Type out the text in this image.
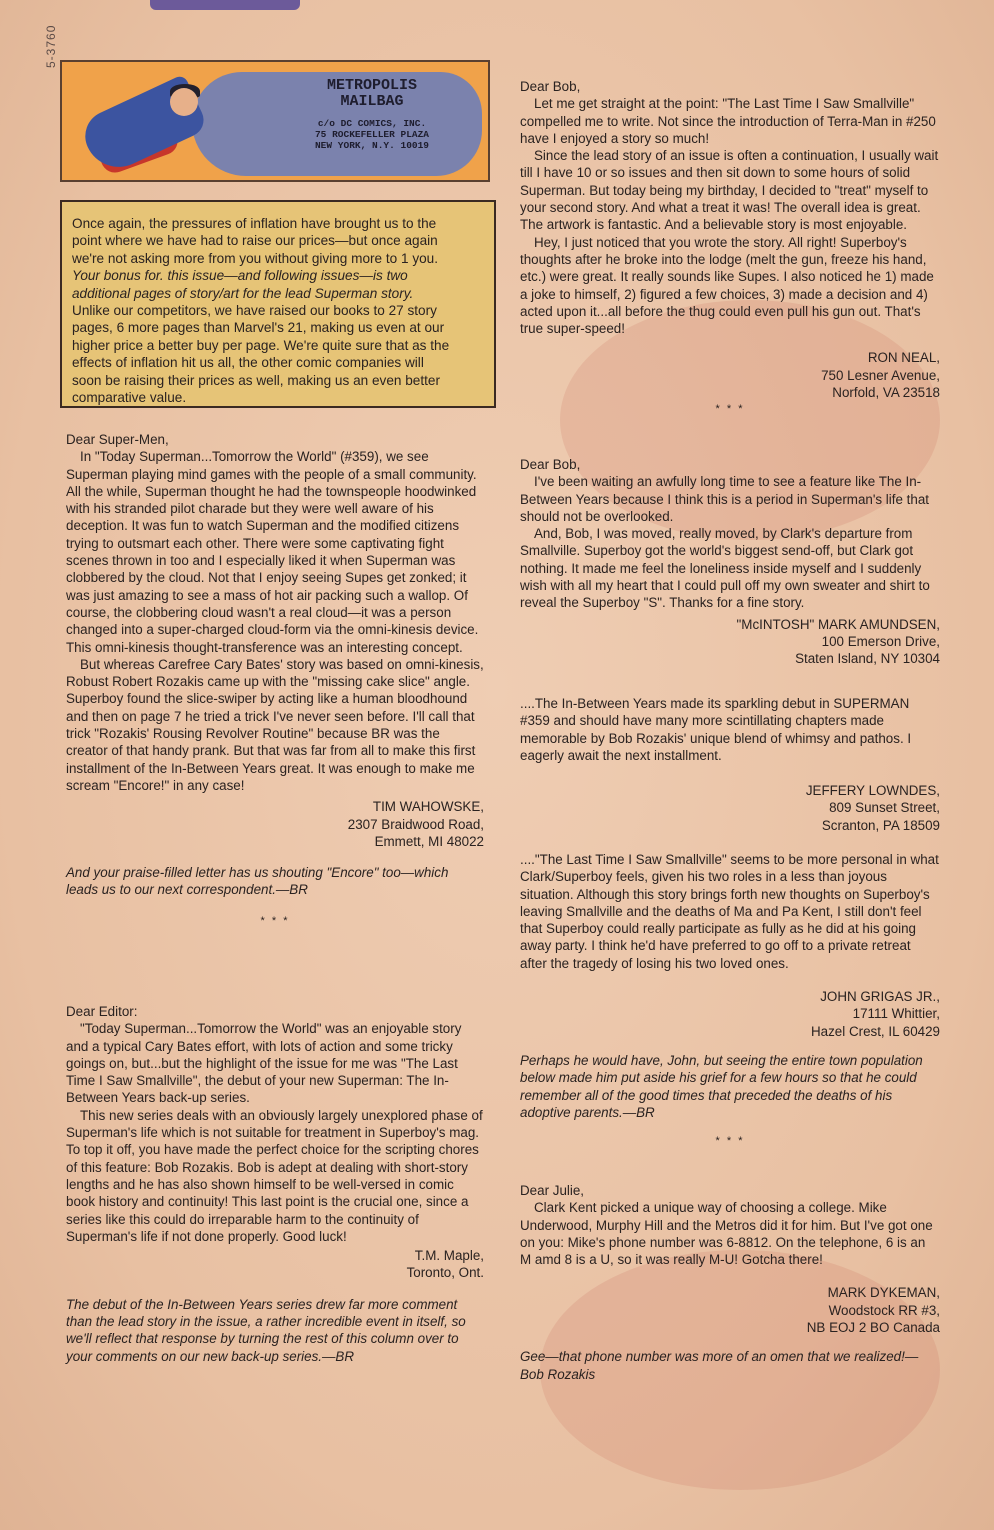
5-3760
METROPOLIS
MAILBAG
c/o DC COMICS, INC.
75 ROCKEFELLER PLAZA
NEW YORK, N.Y. 10019
Once again, the pressures of inflation have brought us to the
point where we have had to raise our prices—but once again
we're not asking more from you without giving more to 1 you.
Your bonus for. this issue—and following issues—is two
additional pages of story/art for the lead Superman story.
Unlike our competitors, we have raised our books to 27 story
pages, 6 more pages than Marvel's 21, making us even at our
higher price a better buy per page. We're quite sure that as the
effects of inflation hit us all, the other comic companies will
soon be raising their prices as well, making us an even better
comparative value.

Dear Super-Men,

In "Today Superman...Tomorrow the World" (#359), we see Superman playing mind games with the people of a small community. All the while, Superman thought he had the townspeople hoodwinked with his stranded pilot charade but they were well aware of his deception. It was fun to watch Superman and the modified citizens trying to outsmart each other. There were some captivating fight scenes thrown in too and I especially liked it when Superman was clobbered by the cloud. Not that I enjoy seeing Supes get zonked; it was just amazing to see a mass of hot air packing such a wallop. Of course, the clobbering cloud wasn't a real cloud—it was a person changed into a super-charged cloud-form via the omni-kinesis device. This omni-kinesis thought-transference was an interesting concept.

But whereas Carefree Cary Bates' story was based on omni-kinesis, Robust Robert Rozakis came up with the "missing cake slice" angle. Superboy found the slice-swiper by acting like a human bloodhound and then on page 7 he tried a trick I've never seen before. I'll call that trick "Rozakis' Rousing Revolver Routine" because BR was the creator of that handy prank. But that was far from all to make this first installment of the In-Between Years great. It was enough to make me scream "Encore!" in any case!

TIM WAHOWSKE,

2307 Braidwood Road,

Emmett, MI 48022

And your praise-filled letter has us shouting "Encore" too—which leads us to our next correspondent.—BR

* * *

Dear Editor:

"Today Superman...Tomorrow the World" was an enjoyable story and a typical Cary Bates effort, with lots of action and some tricky goings on, but...but the highlight of the issue for me was "The Last Time I Saw Smallville", the debut of your new Superman: The In-Between Years back-up series.

This new series deals with an obviously largely unexplored phase of Superman's life which is not suitable for treatment in Superboy's mag. To top it off, you have made the perfect choice for the scripting chores of this feature: Bob Rozakis. Bob is adept at dealing with short-story lengths and he has also shown himself to be well-versed in comic book history and continuity! This last point is the crucial one, since a series like this could do irreparable harm to the continuity of Superman's life if not done properly. Good luck!

T.M. Maple,

Toronto, Ont.

The debut of the In-Between Years series drew far more comment than the lead story in the issue, a rather incredible event in itself, so we'll reflect that response by turning the rest of this column over to your comments on our new back-up series.—BR

Dear Bob,

Let me get straight at the point: "The Last Time I Saw Smallville" compelled me to write. Not since the introduction of Terra-Man in #250 have I enjoyed a story so much!

Since the lead story of an issue is often a continuation, I usually wait till I have 10 or so issues and then sit down to some hours of solid Superman. But today being my birthday, I decided to "treat" myself to your second story. And what a treat it was! The overall idea is great. The artwork is fantastic. And a believable story is most enjoyable.

Hey, I just noticed that you wrote the story. All right! Superboy's thoughts after he broke into the lodge (melt the gun, freeze his hand, etc.) were great. It really sounds like Supes. I also noticed he 1) made a joke to himself, 2) figured a few choices, 3) made a decision and 4) acted upon it...all before the thug could even pull his gun out. That's true super-speed!

RON NEAL,

750 Lesner Avenue,

Norfold, VA 23518

* * *

Dear Bob,

I've been waiting an awfully long time to see a feature like The In-Between Years because I think this is a period in Superman's life that should not be overlooked.

And, Bob, I was moved, really moved, by Clark's departure from Smallville. Superboy got the world's biggest send-off, but Clark got nothing. It made me feel the loneliness inside myself and I suddenly wish with all my heart that I could pull off my own sweater and shirt to reveal the Superboy "S". Thanks for a fine story.

"McINTOSH" MARK AMUNDSEN,

100 Emerson Drive,

Staten Island, NY 10304

....The In-Between Years made its sparkling debut in SUPERMAN #359 and should have many more scintillating chapters made memorable by Bob Rozakis' unique blend of whimsy and pathos. I eagerly await the next installment.

JEFFERY LOWNDES,

809 Sunset Street,

Scranton, PA 18509

...."The Last Time I Saw Smallville" seems to be more personal in what Clark/Superboy feels, given his two roles in a less than joyous situation. Although this story brings forth new thoughts on Superboy's leaving Smallville and the deaths of Ma and Pa Kent, I still don't feel that Superboy could really participate as fully as he did at his going away party. I think he'd have preferred to go off to a private retreat after the tragedy of losing his two loved ones.

JOHN GRIGAS JR.,

17111 Whittier,

Hazel Crest, IL 60429

Perhaps he would have, John, but seeing the entire town population below made him put aside his grief for a few hours so that he could remember all of the good times that preceded the deaths of his adoptive parents.—BR

* * *

Dear Julie,

Clark Kent picked a unique way of choosing a college. Mike Underwood, Murphy Hill and the Metros did it for him. But I've got one on you: Mike's phone number was 6-8812. On the telephone, 6 is an M amd 8 is a U, so it was really M-U! Gotcha there!

MARK DYKEMAN,

Woodstock RR #3,

NB EOJ 2 BO Canada

Gee—that phone number was more of an omen that we realized!—Bob Rozakis
